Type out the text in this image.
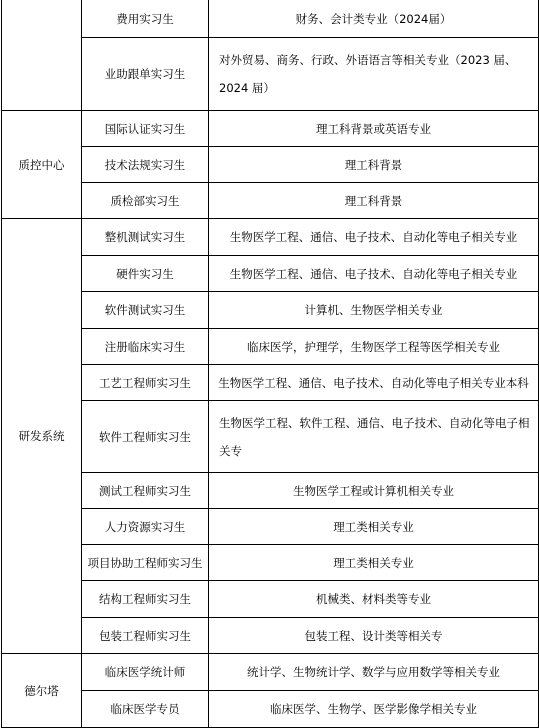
	费用实习生	财务、会计类专业（2024届）
	业助跟单实习生	对外贸易、商务、行政、外语语言等相关专业（2023 届、2024 届）
质控中心	国际认证实习生	理工科背景或英语专业
	技术法规实习生	理工科背景
	质检部实习生	理工科背景
研发系统	整机测试实习生	生物医学工程、通信、电子技术、自动化等电子相关专业
	硬件实习生	生物医学工程、通信、电子技术、自动化等电子相关专业
	软件测试实习生	计算机、生物医学相关专业
	注册临床实习生	临床医学，护理学，生物医学工程等医学相关专业
	工艺工程师实习生	生物医学工程、通信、电子技术、自动化等电子相关专业本科
	软件工程师实习生	生物医学工程、软件工程、通信、电子技术、自动化等电子相关专
	测试工程师实习生	生物医学工程或计算机相关专业
	人力资源实习生	理工类相关专业
	项目协助工程师实习生	理工类相关专业
	结构工程师实习生	机械类、材料类等专业
	包装工程师实习生	包装工程、设计类等相关专
德尔塔	临床医学统计师	统计学、生物统计学、数学与应用数学等相关专业
	临床医学专员	临床医学、生物学、医学影像学相关专业
